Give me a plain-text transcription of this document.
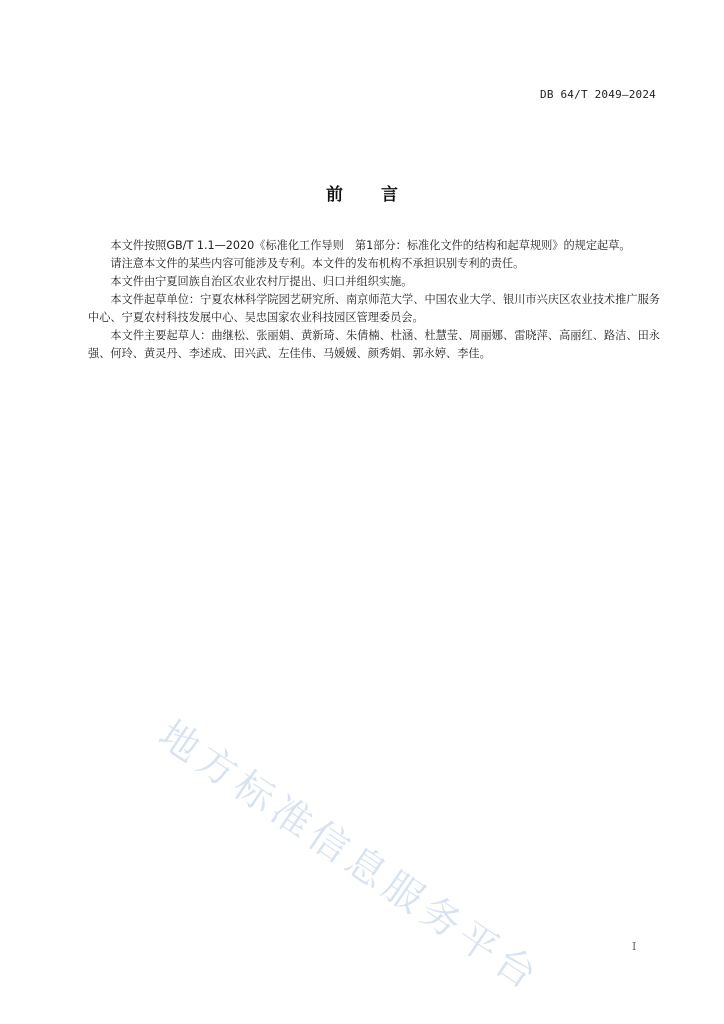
DB 64/T 2049—2024
前言

本文件按照GB/T 1.1—2020《标准化工作导则　第1部分：标准化文件的结构和起草规则》的规定起草。

请注意本文件的某些内容可能涉及专利。本文件的发布机构不承担识别专利的责任。

本文件由宁夏回族自治区农业农村厅提出、归口并组织实施。

本文件起草单位：宁夏农林科学院园艺研究所、南京师范大学、中国农业大学、银川市兴庆区农业技术推广服务中心、宁夏农村科技发展中心、吴忠国家农业科技园区管理委员会。

本文件主要起草人：曲继松、张丽娟、黄新琦、朱倩楠、杜涵、杜慧莹、周丽娜、雷晓萍、高丽红、路洁、田永强、何玲、黄灵丹、李述成、田兴武、左佳伟、马媛媛、颜秀娟、郭永婷、李佳。

地方标准信息服务平台	I
